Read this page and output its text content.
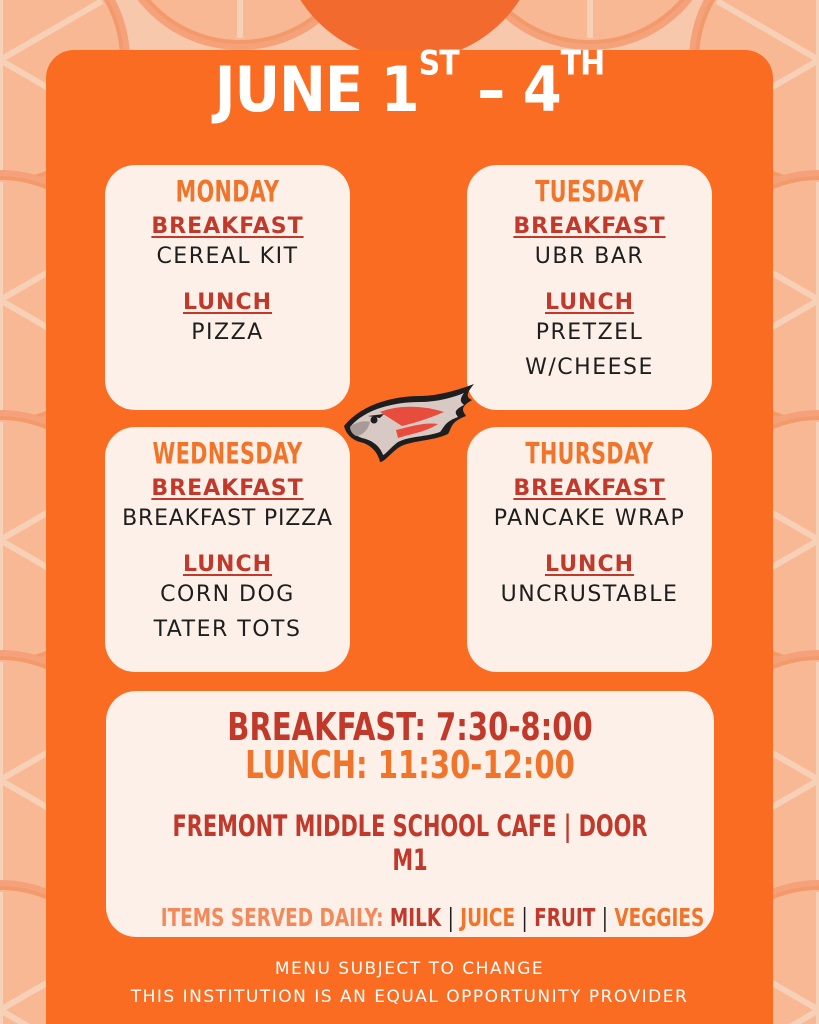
JUNE 1ST – 4TH
MONDAY
BREAKFAST
CEREAL KIT
LUNCH
PIZZA
TUESDAY
BREAKFAST
UBR BAR
LUNCH
PRETZEL
W/CHEESE
WEDNESDAY
BREAKFAST
BREAKFAST PIZZA
LUNCH
CORN DOG
TATER TOTS
THURSDAY
BREAKFAST
PANCAKE WRAP
LUNCH
UNCRUSTABLE
BREAKFAST: 7:30-8:00
LUNCH: 11:30-12:00
FREMONT MIDDLE SCHOOL CAFE | DOOR M1
ITEMS SERVED DAILY: MILK | JUICE | FRUIT | VEGGIES
MENU SUBJECT TO CHANGE
THIS INSTITUTION IS AN EQUAL OPPORTUNITY PROVIDER
